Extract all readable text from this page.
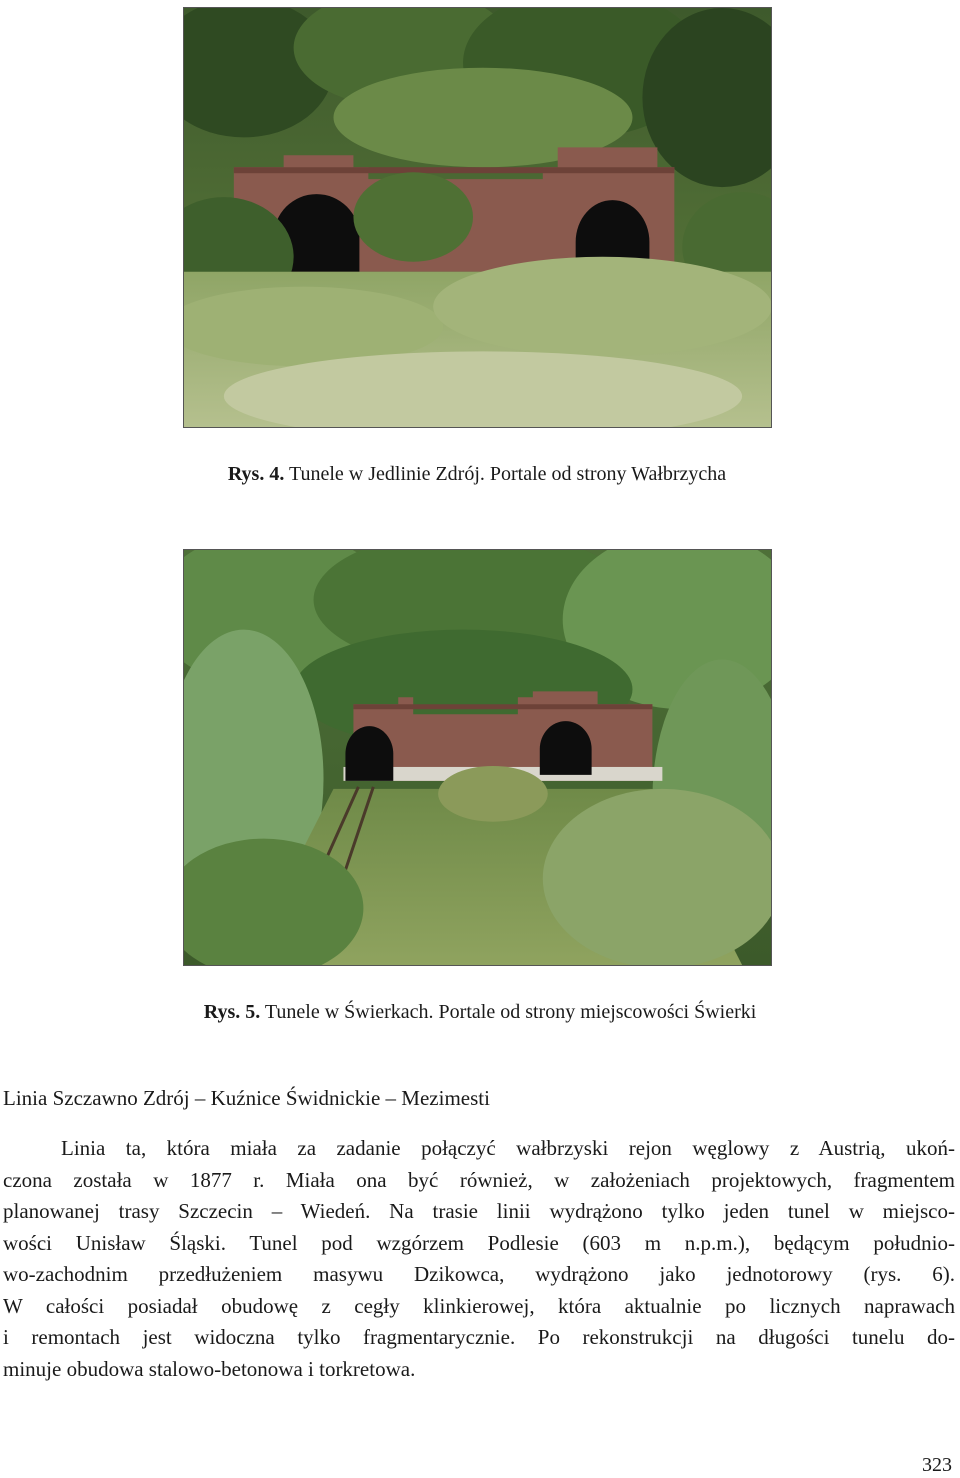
Rys. 4. Tunele w Jedlinie Zdrój. Portale od strony Wałbrzycha
Rys. 5. Tunele w Świerkach. Portale od strony miejscowości Świerki
Linia Szczawno Zdrój – Kuźnice Świdnickie – Mezimesti
Linia ta, która miała za zadanie połączyć wałbrzyski rejon węglowy z Austrią, ukoń-
czona została w 1877 r. Miała ona być również, w założeniach projektowych, fragmentem
planowanej trasy Szczecin – Wiedeń. Na trasie linii wydrążono tylko jeden tunel w miejsco-
wości Unisław Śląski. Tunel pod wzgórzem Podlesie (603 m n.p.m.), będącym południo-
wo-zachodnim przedłużeniem masywu Dzikowca, wydrążono jako jednotorowy (rys. 6).
W całości posiadał obudowę z cegły klinkierowej, która aktualnie po licznych naprawach
i remontach jest widoczna tylko fragmentarycznie. Po rekonstrukcji na długości tunelu do-
minuje obudowa stalowo-betonowa i torkretowa.
323
